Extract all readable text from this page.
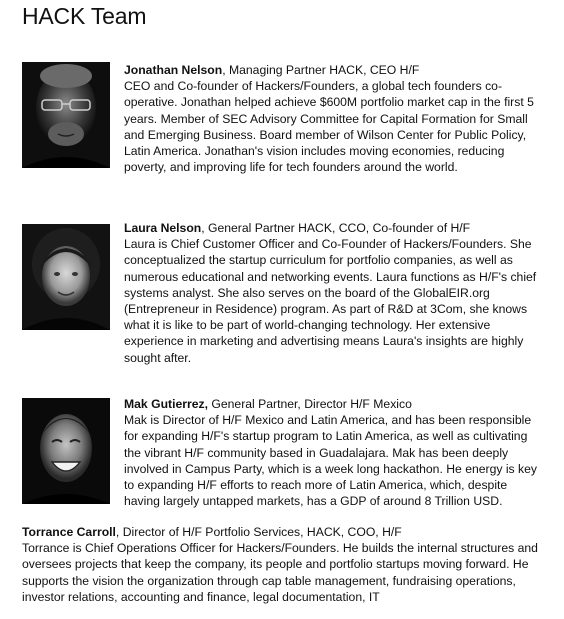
HACK Team
Jonathan Nelson, Managing Partner HACK, CEO H/F
CEO and Co-founder of Hackers/Founders, a global tech founders co-operative. Jonathan helped achieve $600M portfolio market cap in the first 5 years. Member of SEC Advisory Committee for Capital Formation for Small and Emerging Business. Board member of Wilson Center for Public Policy, Latin America. Jonathan's vision includes moving economies, reducing poverty, and improving life for tech founders around the world.
Laura Nelson, General Partner HACK, CCO, Co-founder of H/F
Laura is Chief Customer Officer and Co-Founder of Hackers/Founders. She conceptualized the startup curriculum for portfolio companies, as well as numerous educational and networking events. Laura functions as H/F's chief systems analyst. She also serves on the board of the GlobalEIR.org (Entrepreneur in Residence) program. As part of R&D at 3Com, she knows what it is like to be part of world-changing technology. Her extensive experience in marketing and advertising means Laura's insights are highly sought after.
Mak Gutierrez, General Partner, Director H/F Mexico
Mak is Director of H/F Mexico and Latin America, and has been responsible for expanding H/F's startup program to Latin America, as well as cultivating the vibrant H/F community based in Guadalajara. Mak has been deeply involved in Campus Party, which is a week long hackathon. He energy is key to expanding H/F efforts to reach more of Latin America, which, despite having largely untapped markets, has a GDP of around 8 Trillion USD.
Torrance Carroll, Director of H/F Portfolio Services, HACK, COO, H/F
Torrance is Chief Operations Officer for Hackers/Founders. He builds the internal structures and oversees projects that keep the company, its people and portfolio startups moving forward. He supports the vision the organization through cap table management, fundraising operations, investor relations, accounting and finance, legal documentation, IT
